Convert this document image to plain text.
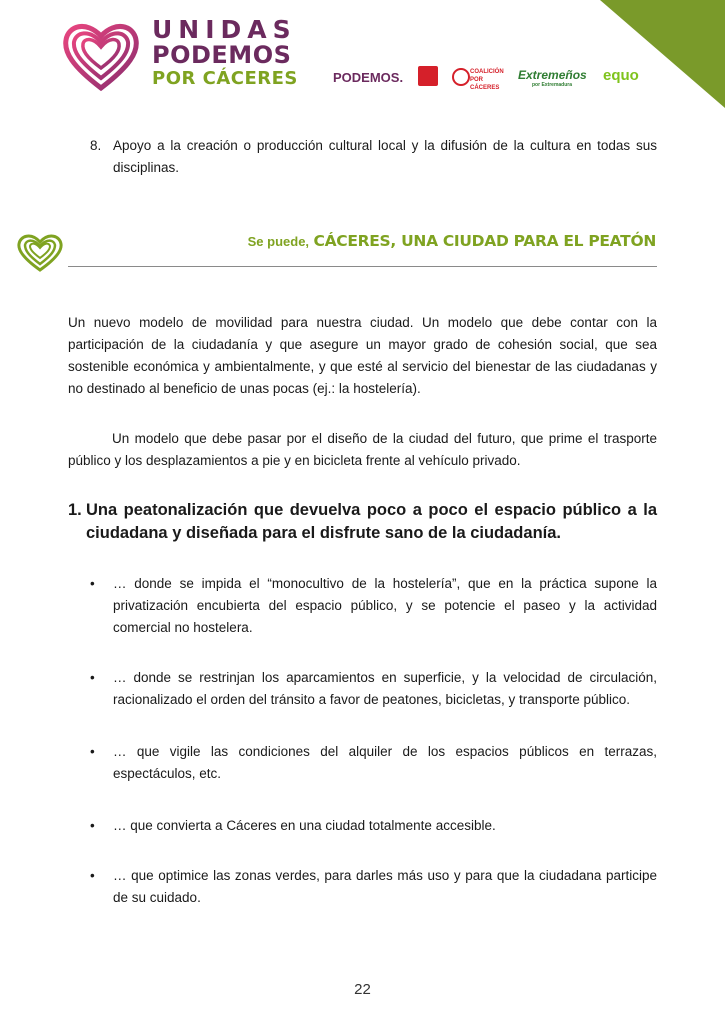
UNIDAS
PODEMOS
POR CÁCERES	PODEMOS.	COALICIÓN POR CÁCERES
Extremeños
por Extremadura
equo
8. Apoyo a la creación o producción cultural local y la difusión de la cultura en todas sus disciplinas.
Se puede, CÁCERES, UNA CIUDAD PARA EL PEATÓN
Un nuevo modelo de movilidad para nuestra ciudad. Un modelo que debe contar con la participación de la ciudadanía y que asegure un mayor grado de cohesión social, que sea sostenible económica y ambientalmente, y que esté al servicio del bienestar de las ciudadanas y no destinado al beneficio de unas pocas (ej.: la hostelería).
Un modelo que debe pasar por el diseño de la ciudad del futuro, que prime el trasporte público y los desplazamientos a pie y en bicicleta frente al vehículo privado.
1. Una peatonalización que devuelva poco a poco el espacio público a la ciudadana y diseñada para el disfrute sano de la ciudadanía.
• … donde se impida el “monocultivo de la hostelería”, que en la práctica supone la privatización encubierta del espacio público, y se potencie el paseo y la actividad comercial no hostelera.
• … donde se restrinjan los aparcamientos en superficie, y la velocidad de circulación, racionalizado el orden del tránsito a favor de peatones, bicicletas, y transporte público.
• … que vigile las condiciones del alquiler de los espacios públicos en terrazas, espectáculos, etc.
• … que convierta a Cáceres en una ciudad totalmente accesible.
• … que optimice las zonas verdes, para darles más uso y para que la ciudadana participe de su cuidado.
22
